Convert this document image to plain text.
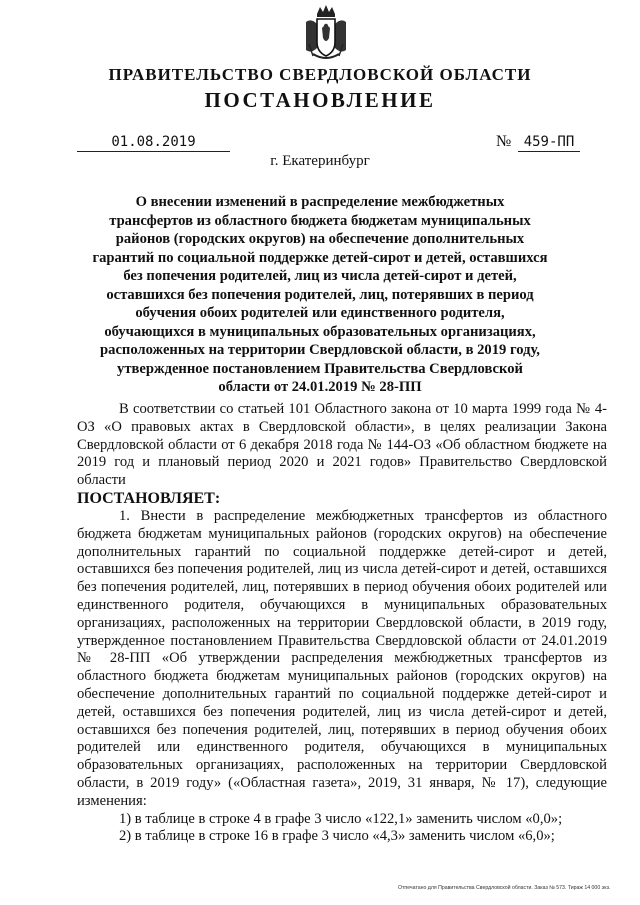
ПРАВИТЕЛЬСТВО СВЕРДЛОВСКОЙ ОБЛАСТИ
ПОСТАНОВЛЕНИЕ
01.08.2019	№ 459-ПП
г. Екатеринбург
О внесении изменений в распределение межбюджетных трансфертов из областного бюджета бюджетам муниципальных районов (городских округов) на обеспечение дополнительных гарантий по социальной поддержке детей-сирот и детей, оставшихся без попечения родителей, лиц из числа детей-сирот и детей, оставшихся без попечения родителей, лиц, потерявших в период обучения обоих родителей или единственного родителя, обучающихся в муниципальных образовательных организациях, расположенных на территории Свердловской области, в 2019 году, утвержденное постановлением Правительства Свердловской области от 24.01.2019 № 28-ПП

В соответствии со статьей 101 Областного закона от 10 марта 1999 года № 4-ОЗ «О правовых актах в Свердловской области», в целях реализации Закона Свердловской области от 6 декабря 2018 года № 144-ОЗ «Об областном бюджете на 2019 год и плановый период 2020 и 2021 годов» Правительство Свердловской области

ПОСТАНОВЛЯЕТ:

1. Внести в распределение межбюджетных трансфертов из областного бюджета бюджетам муниципальных районов (городских округов) на обеспечение дополнительных гарантий по социальной поддержке детей-сирот и детей, оставшихся без попечения родителей, лиц из числа детей-сирот и детей, оставшихся без попечения родителей, лиц, потерявших в период обучения обоих родителей или единственного родителя, обучающихся в муниципальных образовательных организациях, расположенных на территории Свердловской области, в 2019 году, утвержденное постановлением Правительства Свердловской области от 24.01.2019 № 28-ПП «Об утверждении распределения межбюджетных трансфертов из областного бюджета бюджетам муниципальных районов (городских округов) на обеспечение дополнительных гарантий по социальной поддержке детей-сирот и детей, оставшихся без попечения родителей, лиц из числа детей-сирот и детей, оставшихся без попечения родителей, лиц, потерявших в период обучения обоих родителей или единственного родителя, обучающихся в муниципальных образовательных организациях, расположенных на территории Свердловской области, в 2019 году» («Областная газета», 2019, 31 января, № 17), следующие изменения:

1) в таблице в строке 4 в графе 3 число «122,1» заменить числом «0,0»;

2) в таблице в строке 16 в графе 3 число «4,3» заменить числом «6,0»;

Отпечатано для Правительства Свердловской области. Заказ № 573. Тираж 14 000 экз.
